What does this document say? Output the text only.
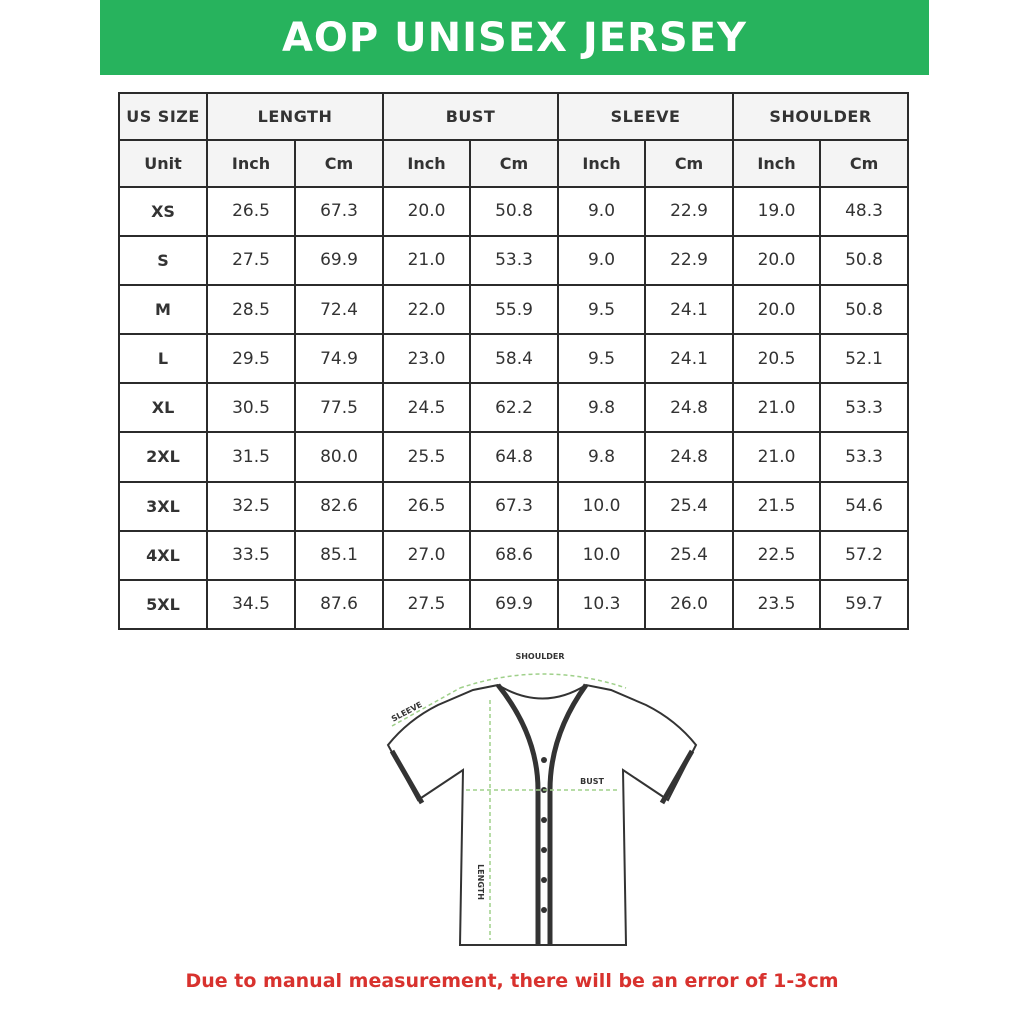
AOP UNISEX JERSEY
US SIZE	LENGTH		BUST		SLEEVE		SHOULDER	
Unit	Inch	Cm	Inch	Cm	Inch	Cm	Inch	Cm
XS	26.5	67.3	20.0	50.8	9.0	22.9	19.0	48.3
S	27.5	69.9	21.0	53.3	9.0	22.9	20.0	50.8
M	28.5	72.4	22.0	55.9	9.5	24.1	20.0	50.8
L	29.5	74.9	23.0	58.4	9.5	24.1	20.5	52.1
XL	30.5	77.5	24.5	62.2	9.8	24.8	21.0	53.3
2XL	31.5	80.0	25.5	64.8	9.8	24.8	21.0	53.3
3XL	32.5	82.6	26.5	67.3	10.0	25.4	21.5	54.6
4XL	33.5	85.1	27.0	68.6	10.0	25.4	22.5	57.2
5XL	34.5	87.6	27.5	69.9	10.3	26.0	23.5	59.7
SHOULDER
SLEEVE
BUST
LENGTH
Due to manual measurement, there will be an error of 1-3cm
